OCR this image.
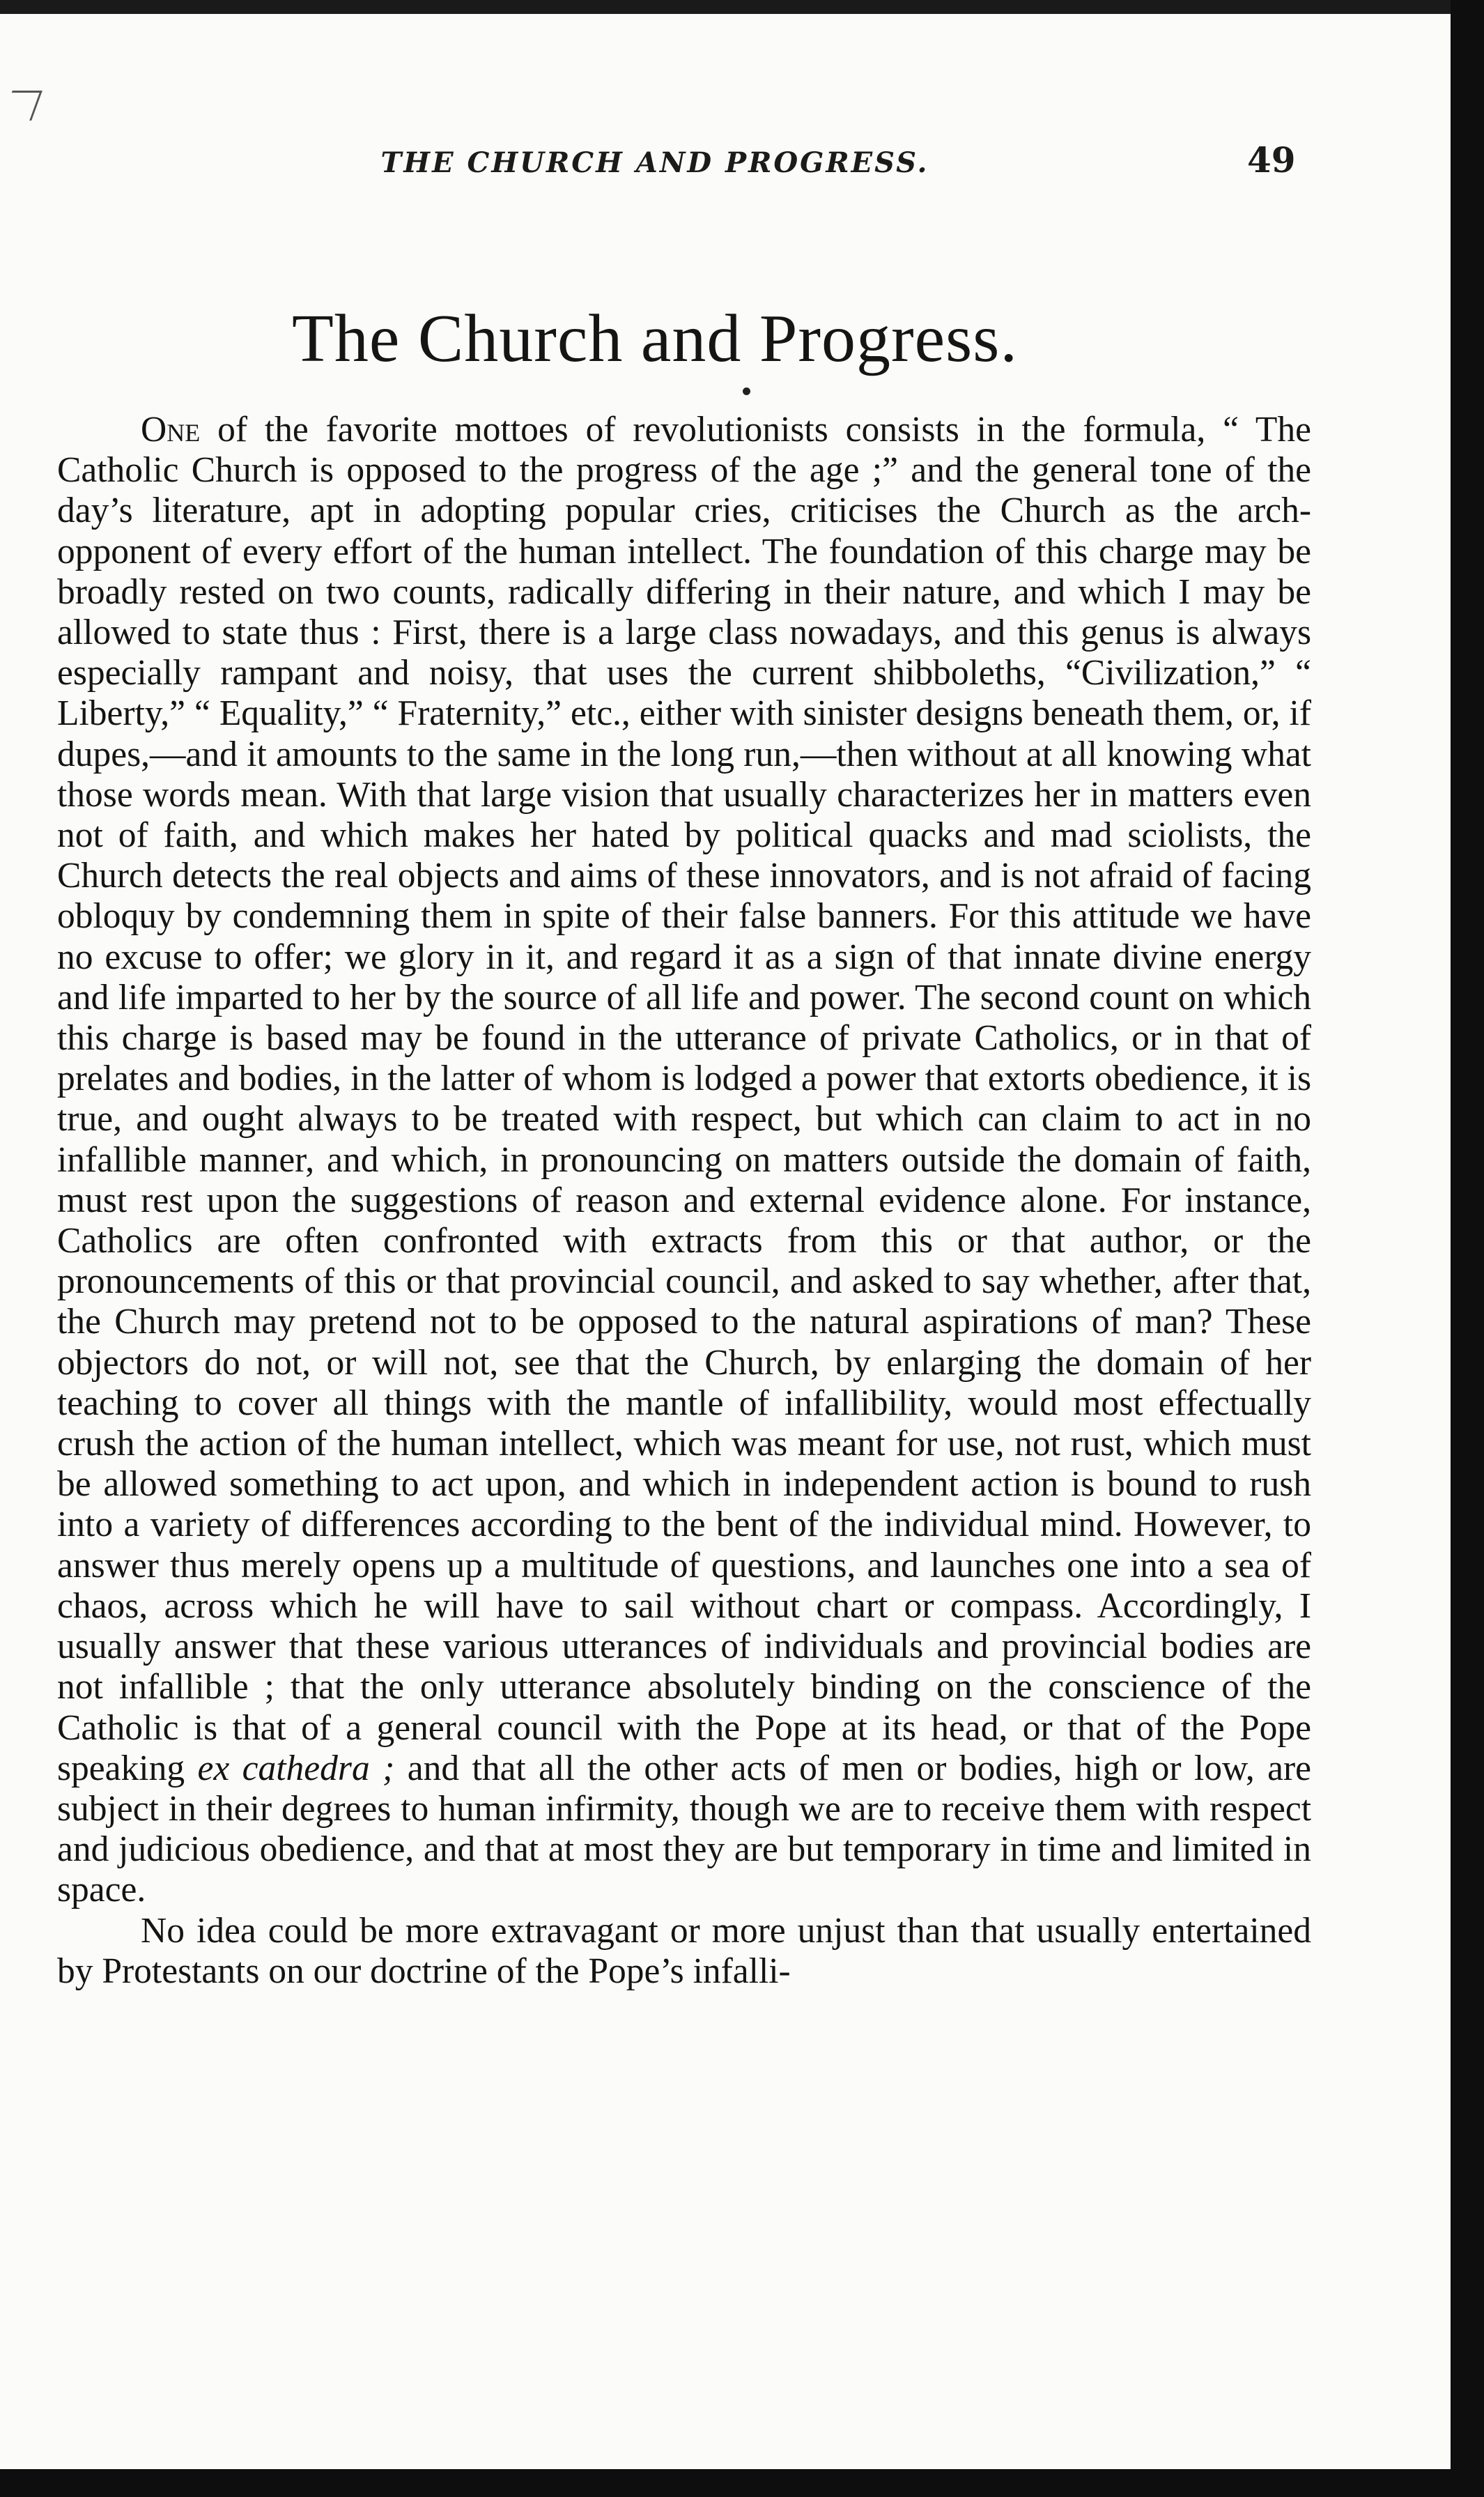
THE CHURCH AND PROGRESS.	49
The Church and Progress.

One of the favorite mottoes of revolutionists consists in the formula, “ The Catholic Church is opposed to the progress of the age ;” and the general tone of the day’s literature, apt in adopting popular cries, criticises the Church as the arch-opponent of every effort of the human intellect. The foundation of this charge may be broadly rested on two counts, radically differing in their nature, and which I may be allowed to state thus : First, there is a large class nowadays, and this genus is always especially rampant and noisy, that uses the current shibboleths, “Civilization,” “ Liberty,” “ Equality,” “ Fraternity,” etc., either with sinister designs beneath them, or, if dupes,—and it amounts to the same in the long run,—then without at all knowing what those words mean. With that large vision that usually characterizes her in matters even not of faith, and which makes her hated by political quacks and mad sciolists, the Church detects the real objects and aims of these innovators, and is not afraid of facing obloquy by condemning them in spite of their false banners. For this attitude we have no excuse to offer; we glory in it, and regard it as a sign of that innate divine energy and life imparted to her by the source of all life and power. The second count on which this charge is based may be found in the utterance of private Catholics, or in that of prelates and bodies, in the latter of whom is lodged a power that extorts obedience, it is true, and ought always to be treated with respect, but which can claim to act in no infallible manner, and which, in pronouncing on matters outside the domain of faith, must rest upon the suggestions of reason and external evidence alone. For instance, Catholics are often confronted with extracts from this or that author, or the pronouncements of this or that provincial council, and asked to say whether, after that, the Church may pretend not to be opposed to the natural aspirations of man? These objectors do not, or will not, see that the Church, by enlarging the domain of her teaching to cover all things with the mantle of infallibility, would most effectually crush the action of the human intellect, which was meant for use, not rust, which must be allowed something to act upon, and which in independent action is bound to rush into a variety of differences according to the bent of the individual mind. However, to answer thus merely opens up a multitude of questions, and launches one into a sea of chaos, across which he will have to sail without chart or compass. Accordingly, I usually answer that these various utterances of individuals and provincial bodies are not infallible ; that the only utterance absolutely binding on the conscience of the Catholic is that of a general council with the Pope at its head, or that of the Pope speaking ex cathedra ; and that all the other acts of men or bodies, high or low, are subject in their degrees to human infirmity, though we are to receive them with respect and judicious obedience, and that at most they are but temporary in time and limited in space.

No idea could be more extravagant or more unjust than that usually entertained by Protestants on our doctrine of the Pope’s infalli-
